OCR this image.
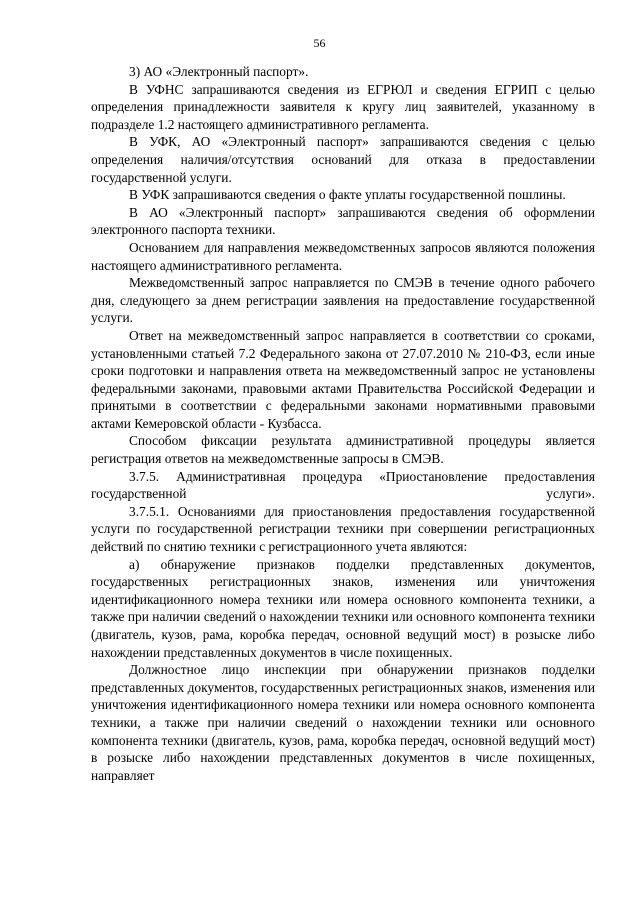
56

3) АО «Электронный паспорт».

В УФНС запрашиваются сведения из ЕГРЮЛ и сведения ЕГРИП с целью определения принадлежности заявителя к кругу лиц заявителей, указанному в подразделе 1.2 настоящего административного регламента.

В УФК, АО «Электронный паспорт» запрашиваются сведения с целью определения наличия/отсутствия оснований для отказа в предоставлении государственной услуги.

В УФК запрашиваются сведения о факте уплаты государственной пошлины.

В АО «Электронный паспорт» запрашиваются сведения об оформлении электронного паспорта техники.

Основанием для направления межведомственных запросов являются положения настоящего административного регламента.

Межведомственный запрос направляется по СМЭВ в течение одного рабочего дня, следующего за днем регистрации заявления на предоставление государственной услуги.

Ответ на межведомственный запрос направляется в соответствии со сроками, установленными статьей 7.2 Федерального закона от 27.07.2010 № 210-ФЗ, если иные сроки подготовки и направления ответа на межведомственный запрос не установлены федеральными законами, правовыми актами Правительства Российской Федерации и принятыми в соответствии с федеральными законами нормативными правовыми актами Кемеровской области - Кузбасса.

Способом фиксации результата административной процедуры является регистрация ответов на межведомственные запросы в СМЭВ.

3.7.5. Административная процедура «Приостановление предоставления государственной услуги».

3.7.5.1. Основаниями для приостановления предоставления государственной услуги по государственной регистрации техники при совершении регистрационных действий по снятию техники с регистрационного учета являются:

а) обнаружение признаков подделки представленных документов, государственных регистрационных знаков, изменения или уничтожения идентификационного номера техники или номера основного компонента техники, а также при наличии сведений о нахождении техники или основного компонента техники (двигатель, кузов, рама, коробка передач, основной ведущий мост) в розыске либо нахождении представленных документов в числе похищенных.

Должностное лицо инспекции при обнаружении признаков подделки представленных документов, государственных регистрационных знаков, изменения или уничтожения идентификационного номера техники или номера основного компонента техники, а также при наличии сведений о нахождении техники или основного компонента техники (двигатель, кузов, рама, коробка передач, основной ведущий мост) в розыске либо нахождении представленных документов в числе похищенных, направляет
